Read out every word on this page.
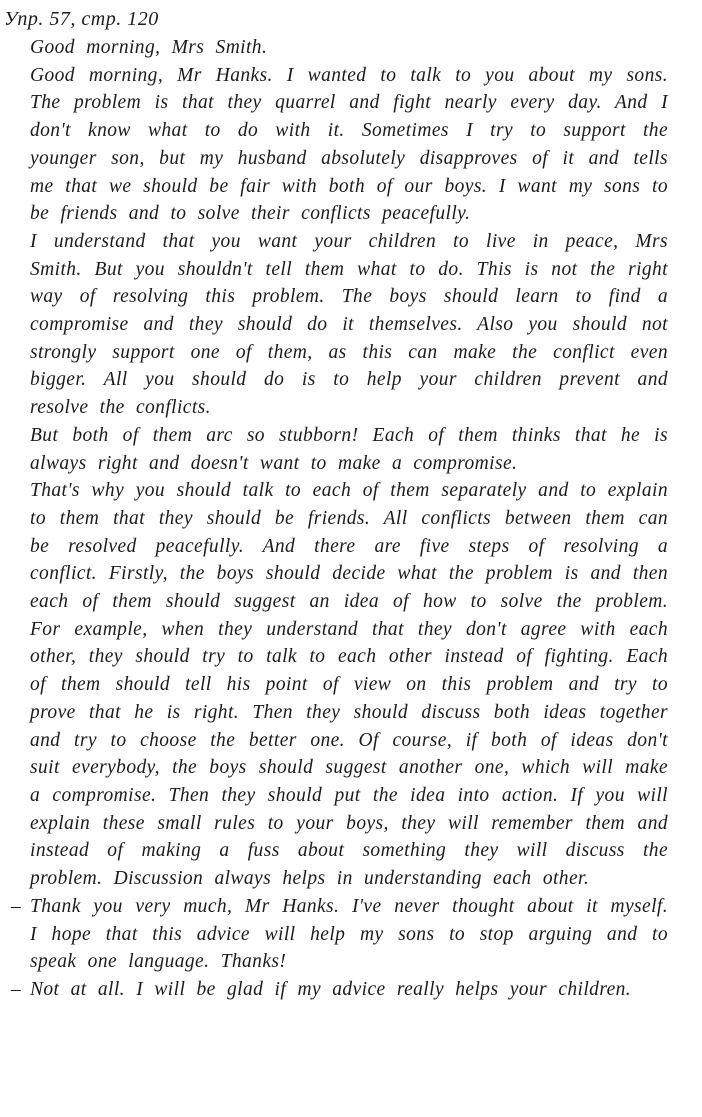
Упр. 57, стр. 120
Good morning, Mrs Smith.
Good morning, Mr Hanks. I wanted to talk to you about my sons. The problem is that they quarrel and fight nearly every day. And I don't know what to do with it. Sometimes I try to support the younger son, but my husband absolutely disapproves of it and tells me that we should be fair with both of our boys. I want my sons to be friends and to solve their conflicts peacefully.
I understand that you want your children to live in peace, Mrs Smith. But you shouldn't tell them what to do. This is not the right way of resolving this problem. The boys should learn to find a compromise and they should do it themselves. Also you should not strongly support one of them, as this can make the conflict even bigger. All you should do is to help your children prevent and resolve the conflicts.
But both of them arc so stubborn! Each of them thinks that he is always right and doesn't want to make a compromise.
That's why you should talk to each of them separately and to explain to them that they should be friends. All conflicts between them can be resolved peacefully. And there are five steps of resolving a conflict. Firstly, the boys should decide what the problem is and then each of them should suggest an idea of how to solve the problem. For example, when they understand that they don't agree with each other, they should try to talk to each other instead of fighting. Each of them should tell his point of view on this problem and try to prove that he is right. Then they should discuss both ideas together and try to choose the better one. Of course, if both of ideas don't suit everybody, the boys should suggest another one, which will make a compromise. Then they should put the idea into action. If you will explain these small rules to your boys, they will remember them and instead of making a fuss about something they will discuss the problem. Discussion always helps in understanding each other.
– Thank you very much, Mr Hanks. I've never thought about it myself. I hope that this advice will help my sons to stop arguing and to speak one language. Thanks!
– Not at all. I will be glad if my advice really helps your children.
